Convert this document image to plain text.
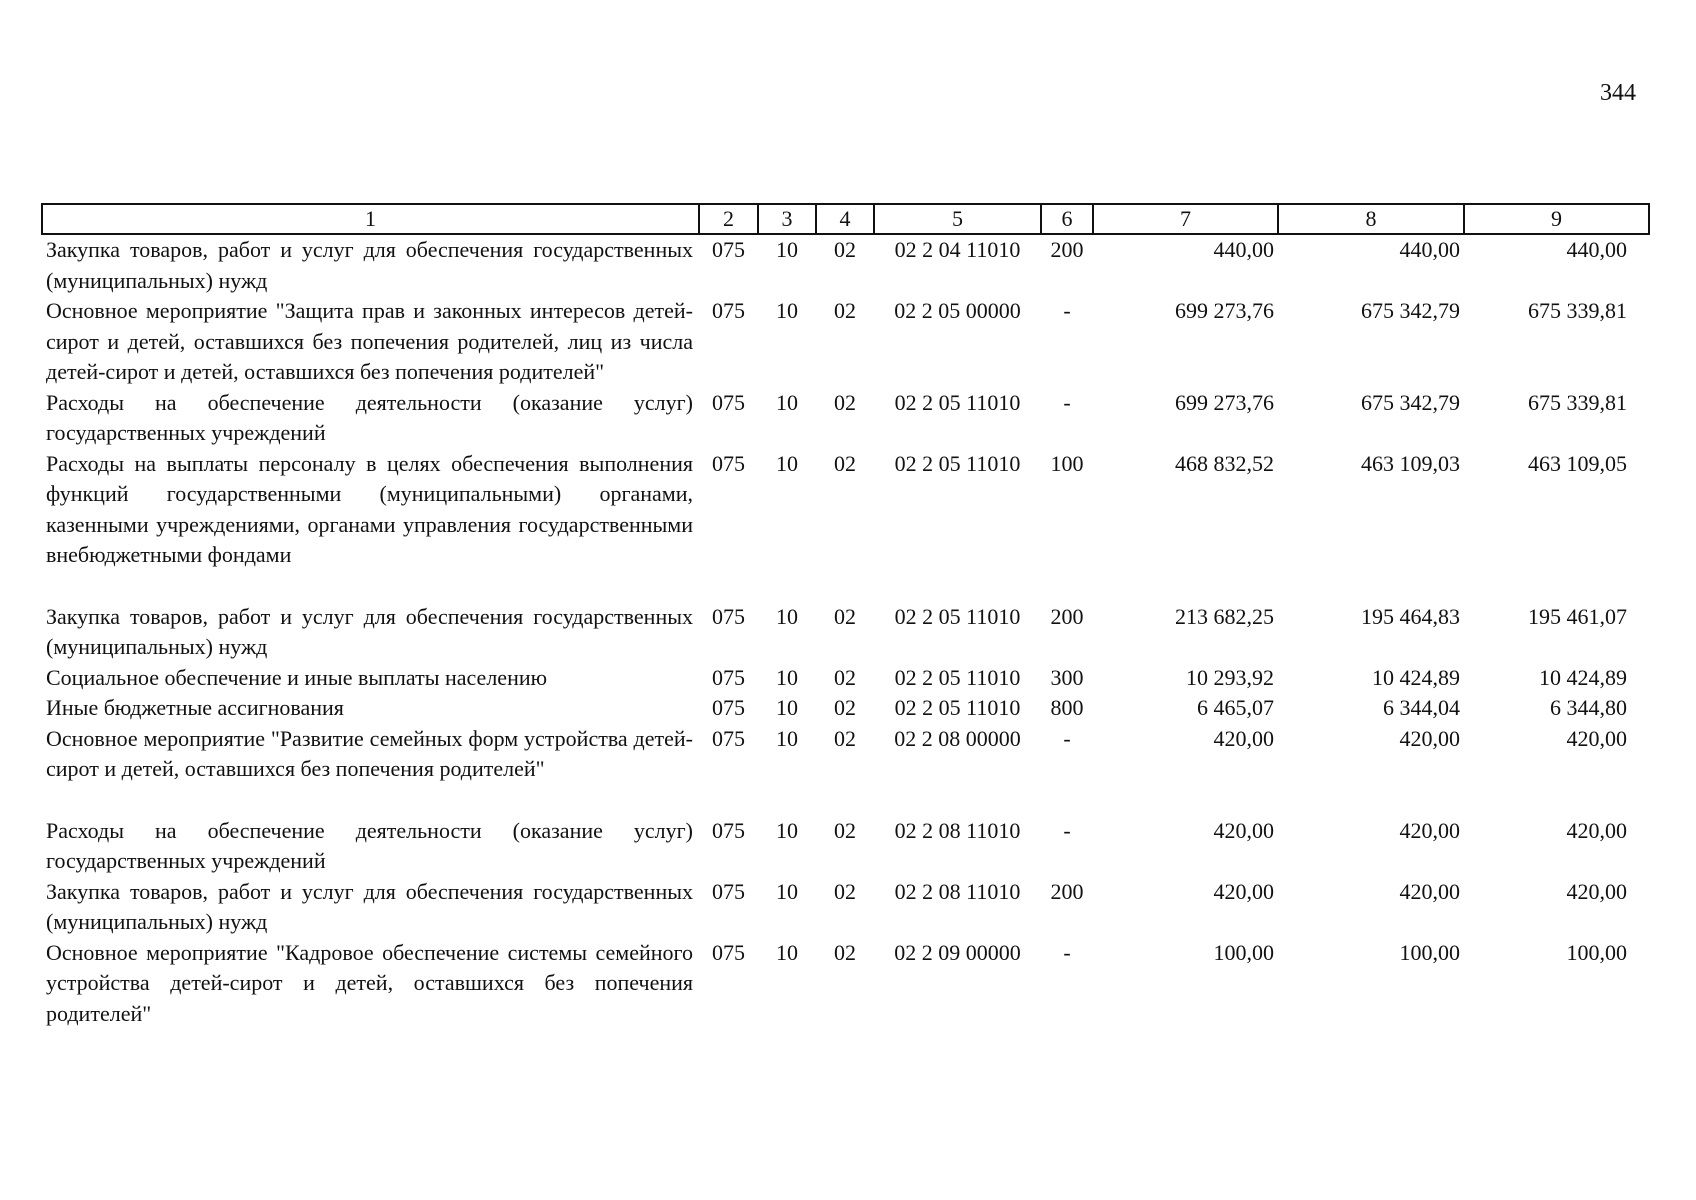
344
1	2	3	4	5	6	7	8	9
Закупка товаров, работ и услуг для обеспечения государственных (муниципальных) нужд	075	10	02	02 2 04 11010	200	440,00	440,00	440,00
Основное мероприятие "Защита прав и законных интересов детей-сирот и детей, оставшихся без попечения родителей, лиц из числа детей-сирот и детей, оставшихся без попечения родителей"	075	10	02	02 2 05 00000	-	699 273,76	675 342,79	675 339,81
Расходы на обеспечение деятельности (оказание услуг) государственных учреждений	075	10	02	02 2 05 11010	-	699 273,76	675 342,79	675 339,81
Расходы на выплаты персоналу в целях обеспечения выполнения функций государственными (муниципальными) органами, казенными учреждениями, органами управления государственными внебюджетными фондами	075	10	02	02 2 05 11010	100	468 832,52	463 109,03	463 109,05
Закупка товаров, работ и услуг для обеспечения государственных (муниципальных) нужд	075	10	02	02 2 05 11010	200	213 682,25	195 464,83	195 461,07
Социальное обеспечение и иные выплаты населению	075	10	02	02 2 05 11010	300	10 293,92	10 424,89	10 424,89
Иные бюджетные ассигнования	075	10	02	02 2 05 11010	800	6 465,07	6 344,04	6 344,80
Основное мероприятие "Развитие семейных форм устройства детей-сирот и детей, оставшихся без попечения родителей"	075	10	02	02 2 08 00000	-	420,00	420,00	420,00
Расходы на обеспечение деятельности (оказание услуг) государственных учреждений	075	10	02	02 2 08 11010	-	420,00	420,00	420,00
Закупка товаров, работ и услуг для обеспечения государственных (муниципальных) нужд	075	10	02	02 2 08 11010	200	420,00	420,00	420,00
Основное мероприятие "Кадровое обеспечение системы семейного устройства детей-сирот и детей, оставшихся без попечения родителей"	075	10	02	02 2 09 00000	-	100,00	100,00	100,00
